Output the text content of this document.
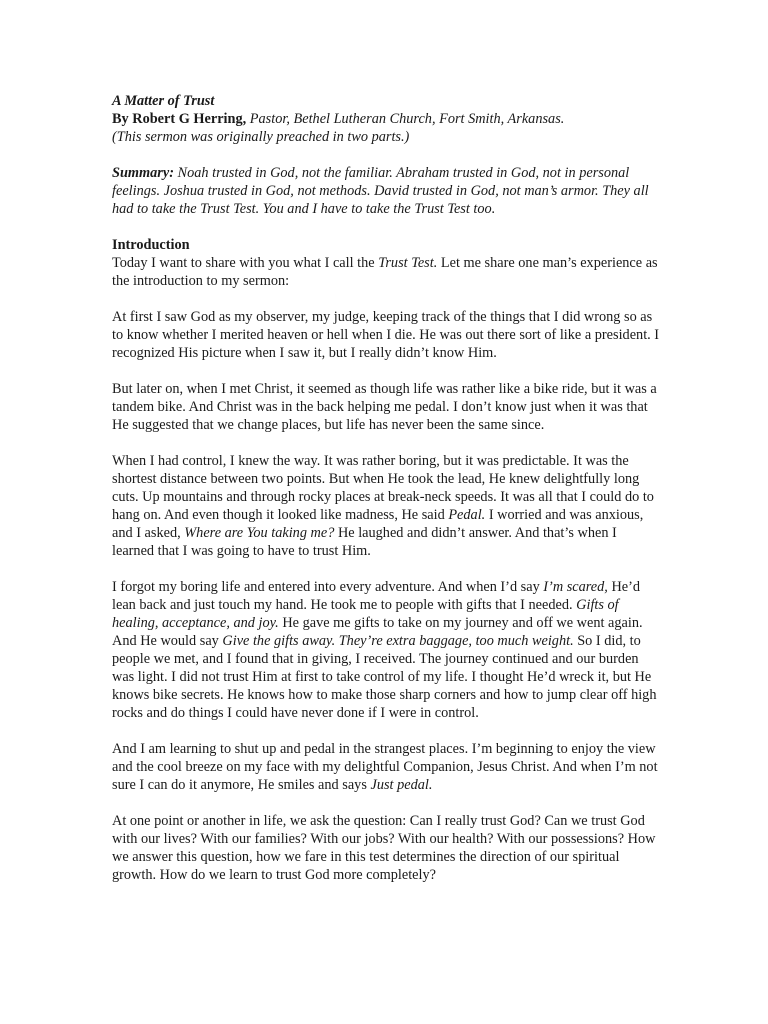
A Matter of Trust
By Robert G Herring, Pastor, Bethel Lutheran Church, Fort Smith, Arkansas.
(This sermon was originally preached in two parts.)

Summary: Noah trusted in God, not the familiar. Abraham trusted in God, not in personal feelings. Joshua trusted in God, not methods. David trusted in God, not man’s armor. They all had to take the Trust Test. You and I have to take the Trust Test too.

Introduction

Today I want to share with you what I call the Trust Test. Let me share one man’s experience as the introduction to my sermon:

At first I saw God as my observer, my judge, keeping track of the things that I did wrong so as to know whether I merited heaven or hell when I die. He was out there sort of like a president. I recognized His picture when I saw it, but I really didn’t know Him.

But later on, when I met Christ, it seemed as though life was rather like a bike ride, but it was a tandem bike. And Christ was in the back helping me pedal. I don’t know just when it was that He suggested that we change places, but life has never been the same since.

When I had control, I knew the way. It was rather boring, but it was predictable. It was the shortest distance between two points. But when He took the lead, He knew delightfully long cuts. Up mountains and through rocky places at break-neck speeds. It was all that I could do to hang on. And even though it looked like madness, He said Pedal. I worried and was anxious, and I asked, Where are You taking me? He laughed and didn’t answer. And that’s when I learned that I was going to have to trust Him.

I forgot my boring life and entered into every adventure. And when I’d say I’m scared, He’d lean back and just touch my hand. He took me to people with gifts that I needed. Gifts of healing, acceptance, and joy. He gave me gifts to take on my journey and off we went again. And He would say Give the gifts away. They’re extra baggage, too much weight. So I did, to people we met, and I found that in giving, I received. The journey continued and our burden was light. I did not trust Him at first to take control of my life. I thought He’d wreck it, but He knows bike secrets. He knows how to make those sharp corners and how to jump clear off high rocks and do things I could have never done if I were in control.

And I am learning to shut up and pedal in the strangest places. I’m beginning to enjoy the view and the cool breeze on my face with my delightful Companion, Jesus Christ. And when I’m not sure I can do it anymore, He smiles and says Just pedal.

At one point or another in life, we ask the question: Can I really trust God? Can we trust God with our lives? With our families? With our jobs? With our health? With our possessions? How we answer this question, how we fare in this test determines the direction of our spiritual growth. How do we learn to trust God more completely?
